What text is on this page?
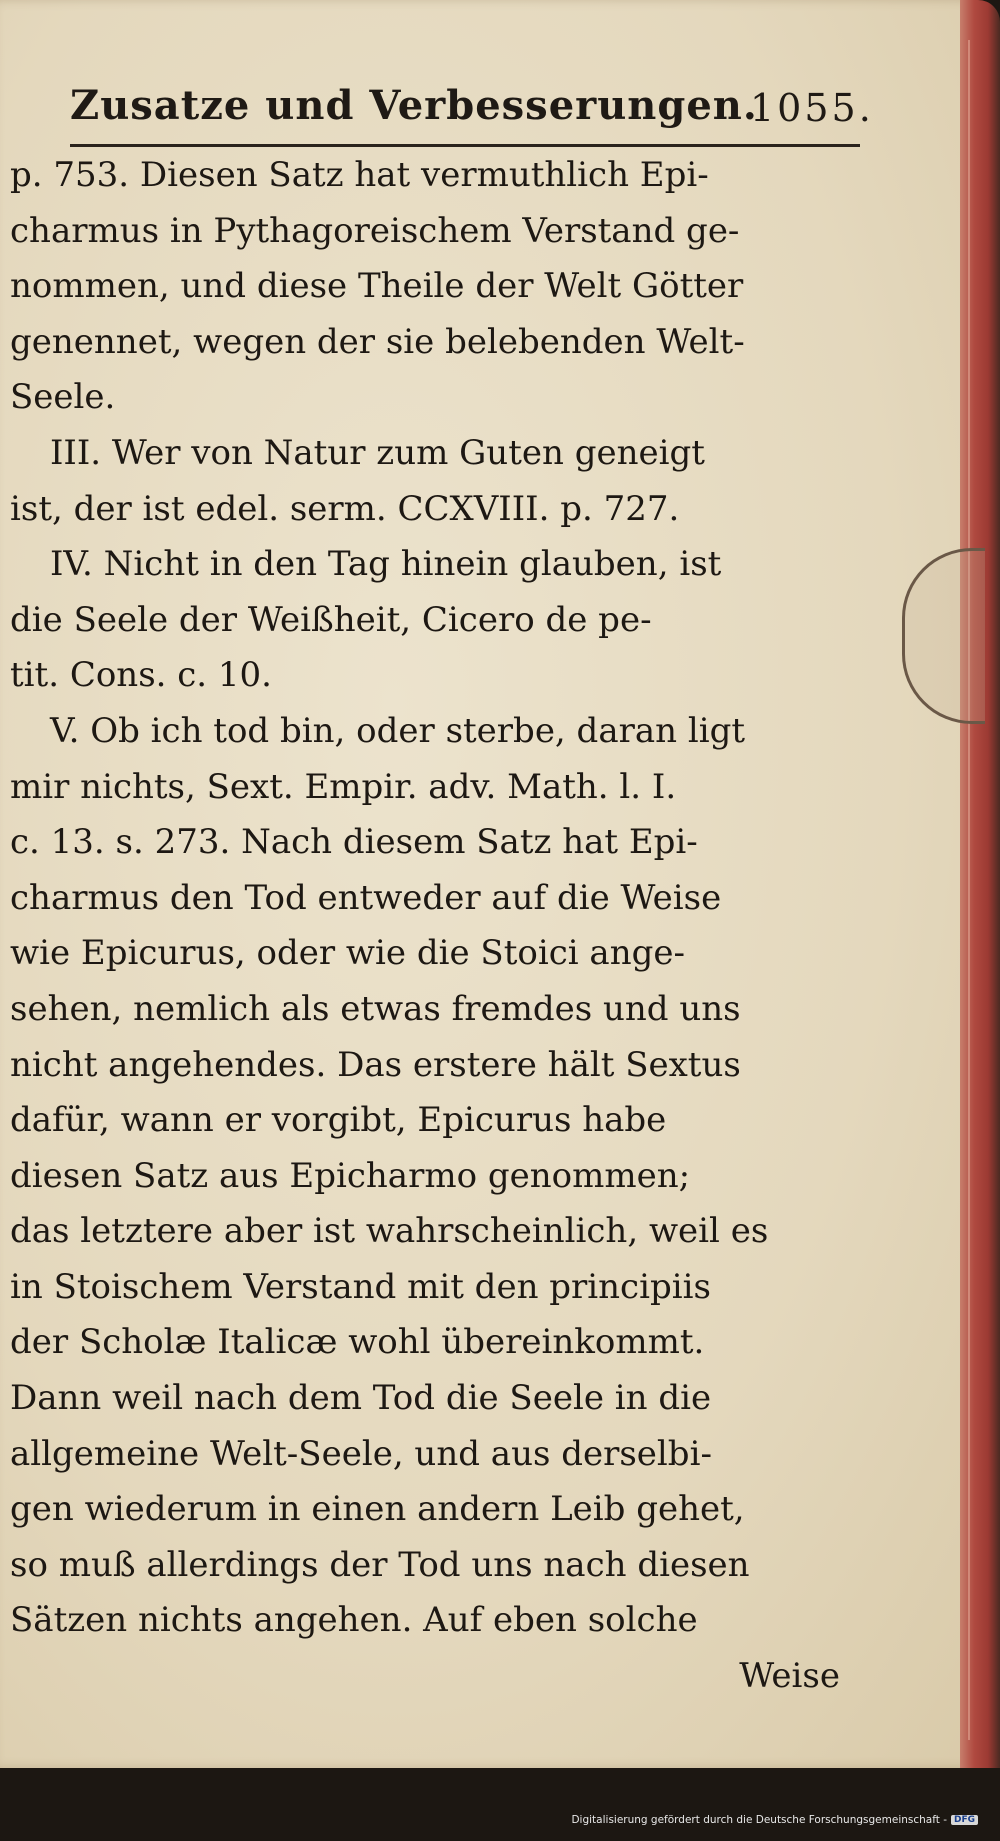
Zusatze und Verbesserungen.
1055.
p. 753. Diesen Satz hat vermuthlich Epi-
charmus in Pythagoreischem Verstand ge-
nommen, und diese Theile der Welt Götter
genennet, wegen der sie belebenden Welt-
Seele.
III. Wer von Natur zum Guten geneigt
ist, der ist edel. serm. CCXVIII. p. 727.
IV. Nicht in den Tag hinein glauben, ist
die Seele der Weißheit, Cicero de pe-
tit. Cons. c. 10.
V. Ob ich tod bin, oder sterbe, daran ligt
mir nichts, Sext. Empir. adv. Math. l. I.
c. 13. s. 273. Nach diesem Satz hat Epi-
charmus den Tod entweder auf die Weise
wie Epicurus, oder wie die Stoici ange-
sehen, nemlich als etwas fremdes und uns
nicht angehendes. Das erstere hält Sextus
dafür, wann er vorgibt, Epicurus habe
diesen Satz aus Epicharmo genommen;
das letztere aber ist wahrscheinlich, weil es
in Stoischem Verstand mit den principiis
der Scholæ Italicæ wohl übereinkommt.
Dann weil nach dem Tod die Seele in die
allgemeine Welt-Seele, und aus derselbi-
gen wiederum in einen andern Leib gehet,
so muß allerdings der Tod uns nach diesen
Sätzen nichts angehen. Auf eben solche
Weise
Digitalisierung gefördert durch die Deutsche Forschungsgemeinschaft - DFG
